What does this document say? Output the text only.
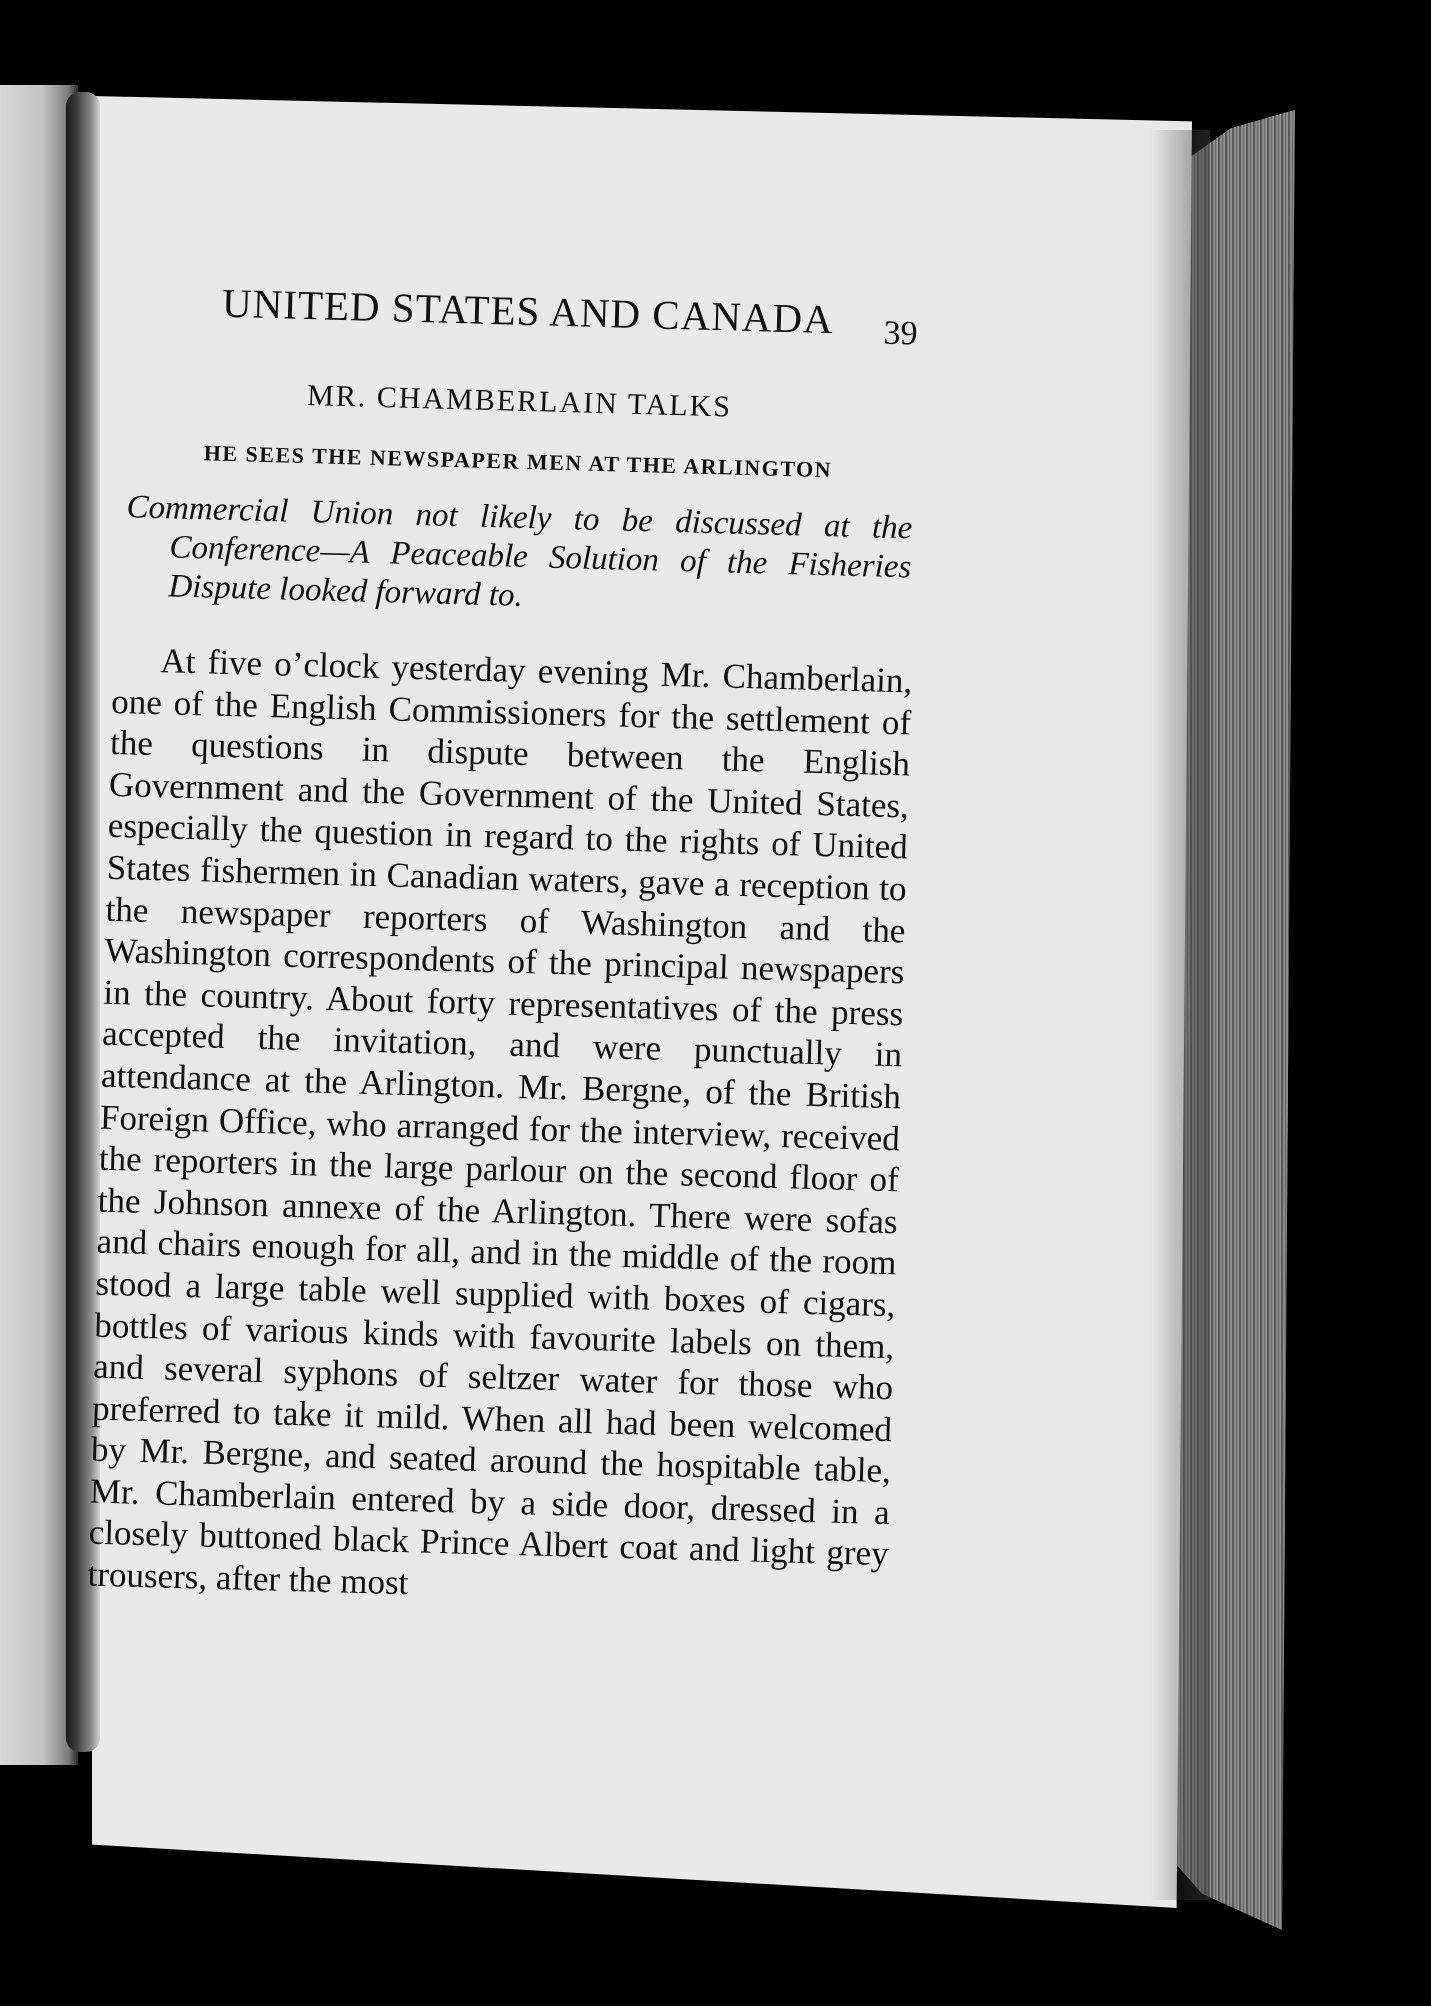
UNITED STATES AND CANADA 39
MR. CHAMBERLAIN TALKS
HE SEES THE NEWSPAPER MEN AT THE ARLINGTON

Commercial Union not likely to be discussed at the Conference—A Peaceable Solution of the Fisheries Dispute looked forward to.

At five o’clock yesterday evening Mr. Chamberlain, one of the English Commissioners for the settlement of the questions in dispute between the English Government and the Government of the United States, especially the question in regard to the rights of United States fishermen in Canadian waters, gave a reception to the newspaper reporters of Washington and the Washington correspondents of the principal newspapers in the country. About forty representatives of the press accepted the invitation, and were punctually in attendance at the Arlington. Mr. Bergne, of the British Foreign Office, who arranged for the interview, received the reporters in the large parlour on the second floor of the Johnson annexe of the Arlington. There were sofas and chairs enough for all, and in the middle of the room stood a large table well supplied with boxes of cigars, bottles of various kinds with favourite labels on them, and several syphons of seltzer water for those who preferred to take it mild. When all had been welcomed by Mr. Bergne, and seated around the hospitable table, Mr. Chamberlain entered by a side door, dressed in a closely buttoned black Prince Albert coat and light grey trousers, after the most
